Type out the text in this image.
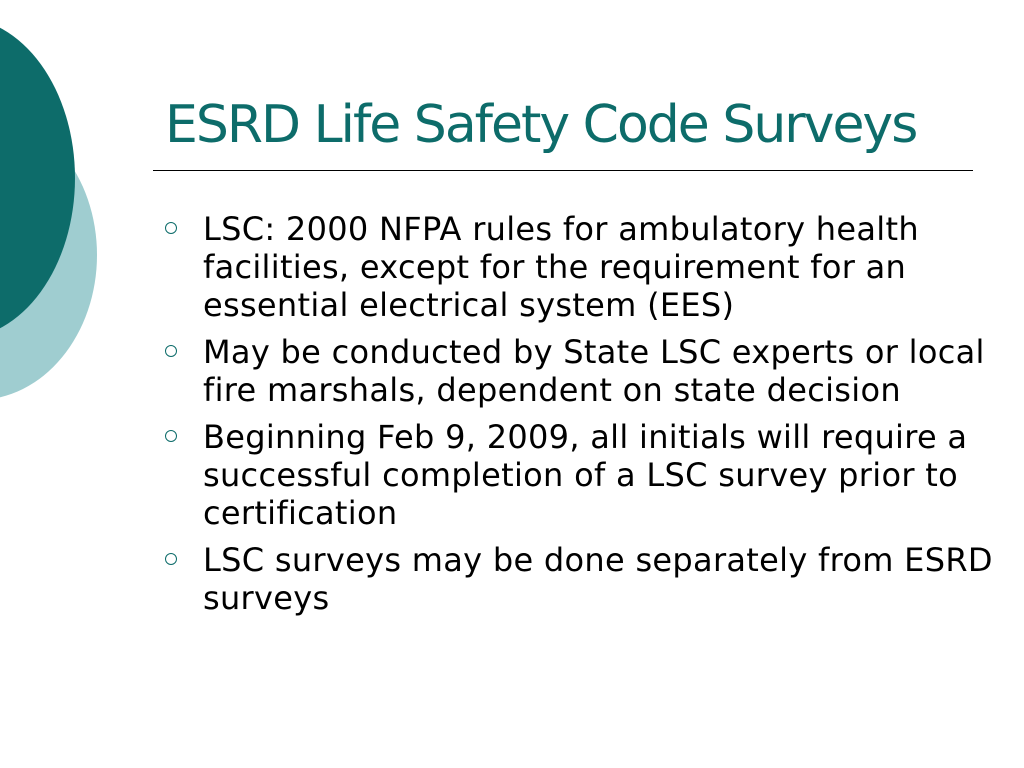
ESRD Life Safety Code Surveys
LSC: 2000 NFPA rules for ambulatory health facilities, except for the requirement for an essential electrical system (EES)
May be conducted by State LSC experts or local fire marshals, dependent on state decision
Beginning Feb 9, 2009, all initials will require a successful completion of a LSC survey prior to certification
LSC surveys may be done separately from ESRD surveys
